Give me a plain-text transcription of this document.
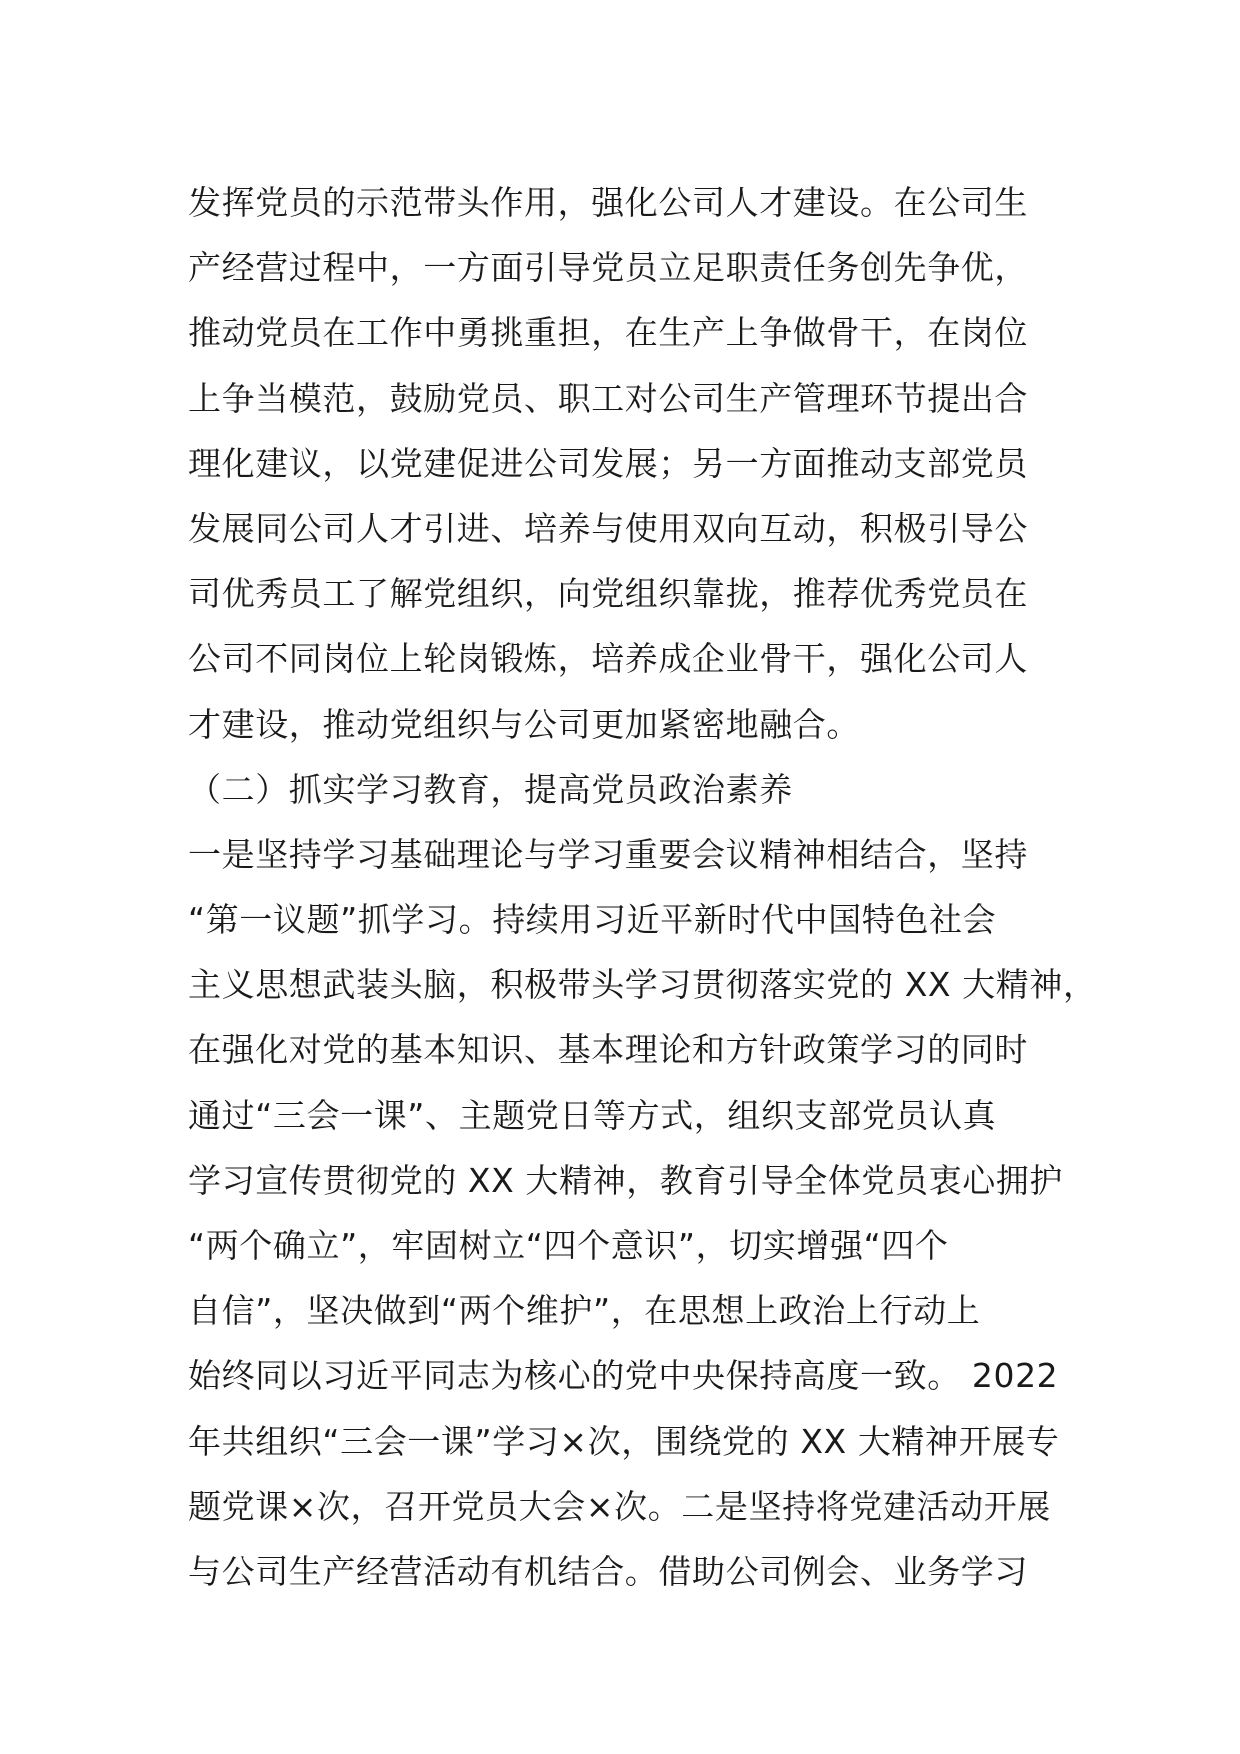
发挥党员的示范带头作用，强化公司人才建设。在公司生
产经营过程中，一方面引导党员立足职责任务创先争优，
推动党员在工作中勇挑重担，在生产上争做骨干，在岗位
上争当模范，鼓励党员、职工对公司生产管理环节提出合
理化建议，以党建促进公司发展；另一方面推动支部党员
发展同公司人才引进、培养与使用双向互动，积极引导公
司优秀员工了解党组织，向党组织靠拢，推荐优秀党员在
公司不同岗位上轮岗锻炼，培养成企业骨干，强化公司人
才建设，推动党组织与公司更加紧密地融合。
（二）抓实学习教育，提高党员政治素养
一是坚持学习基础理论与学习重要会议精神相结合，坚持
“第一议题”抓学习。持续用习近平新时代中国特色社会
主义思想武装头脑，积极带头学习贯彻落实党的 XX 大精神，
在强化对党的基本知识、基本理论和方针政策学习的同时
通过“三会一课”、主题党日等方式，组织支部党员认真
学习宣传贯彻党的 XX 大精神，教育引导全体党员衷心拥护
“两个确立”，牢固树立“四个意识”，切实增强“四个
自信”，坚决做到“两个维护”，在思想上政治上行动上
始终同以习近平同志为核心的党中央保持高度一致。 2022
年共组织“三会一课”学习×次，围绕党的 XX 大精神开展专
题党课×次，召开党员大会×次。二是坚持将党建活动开展
与公司生产经营活动有机结合。借助公司例会、业务学习
